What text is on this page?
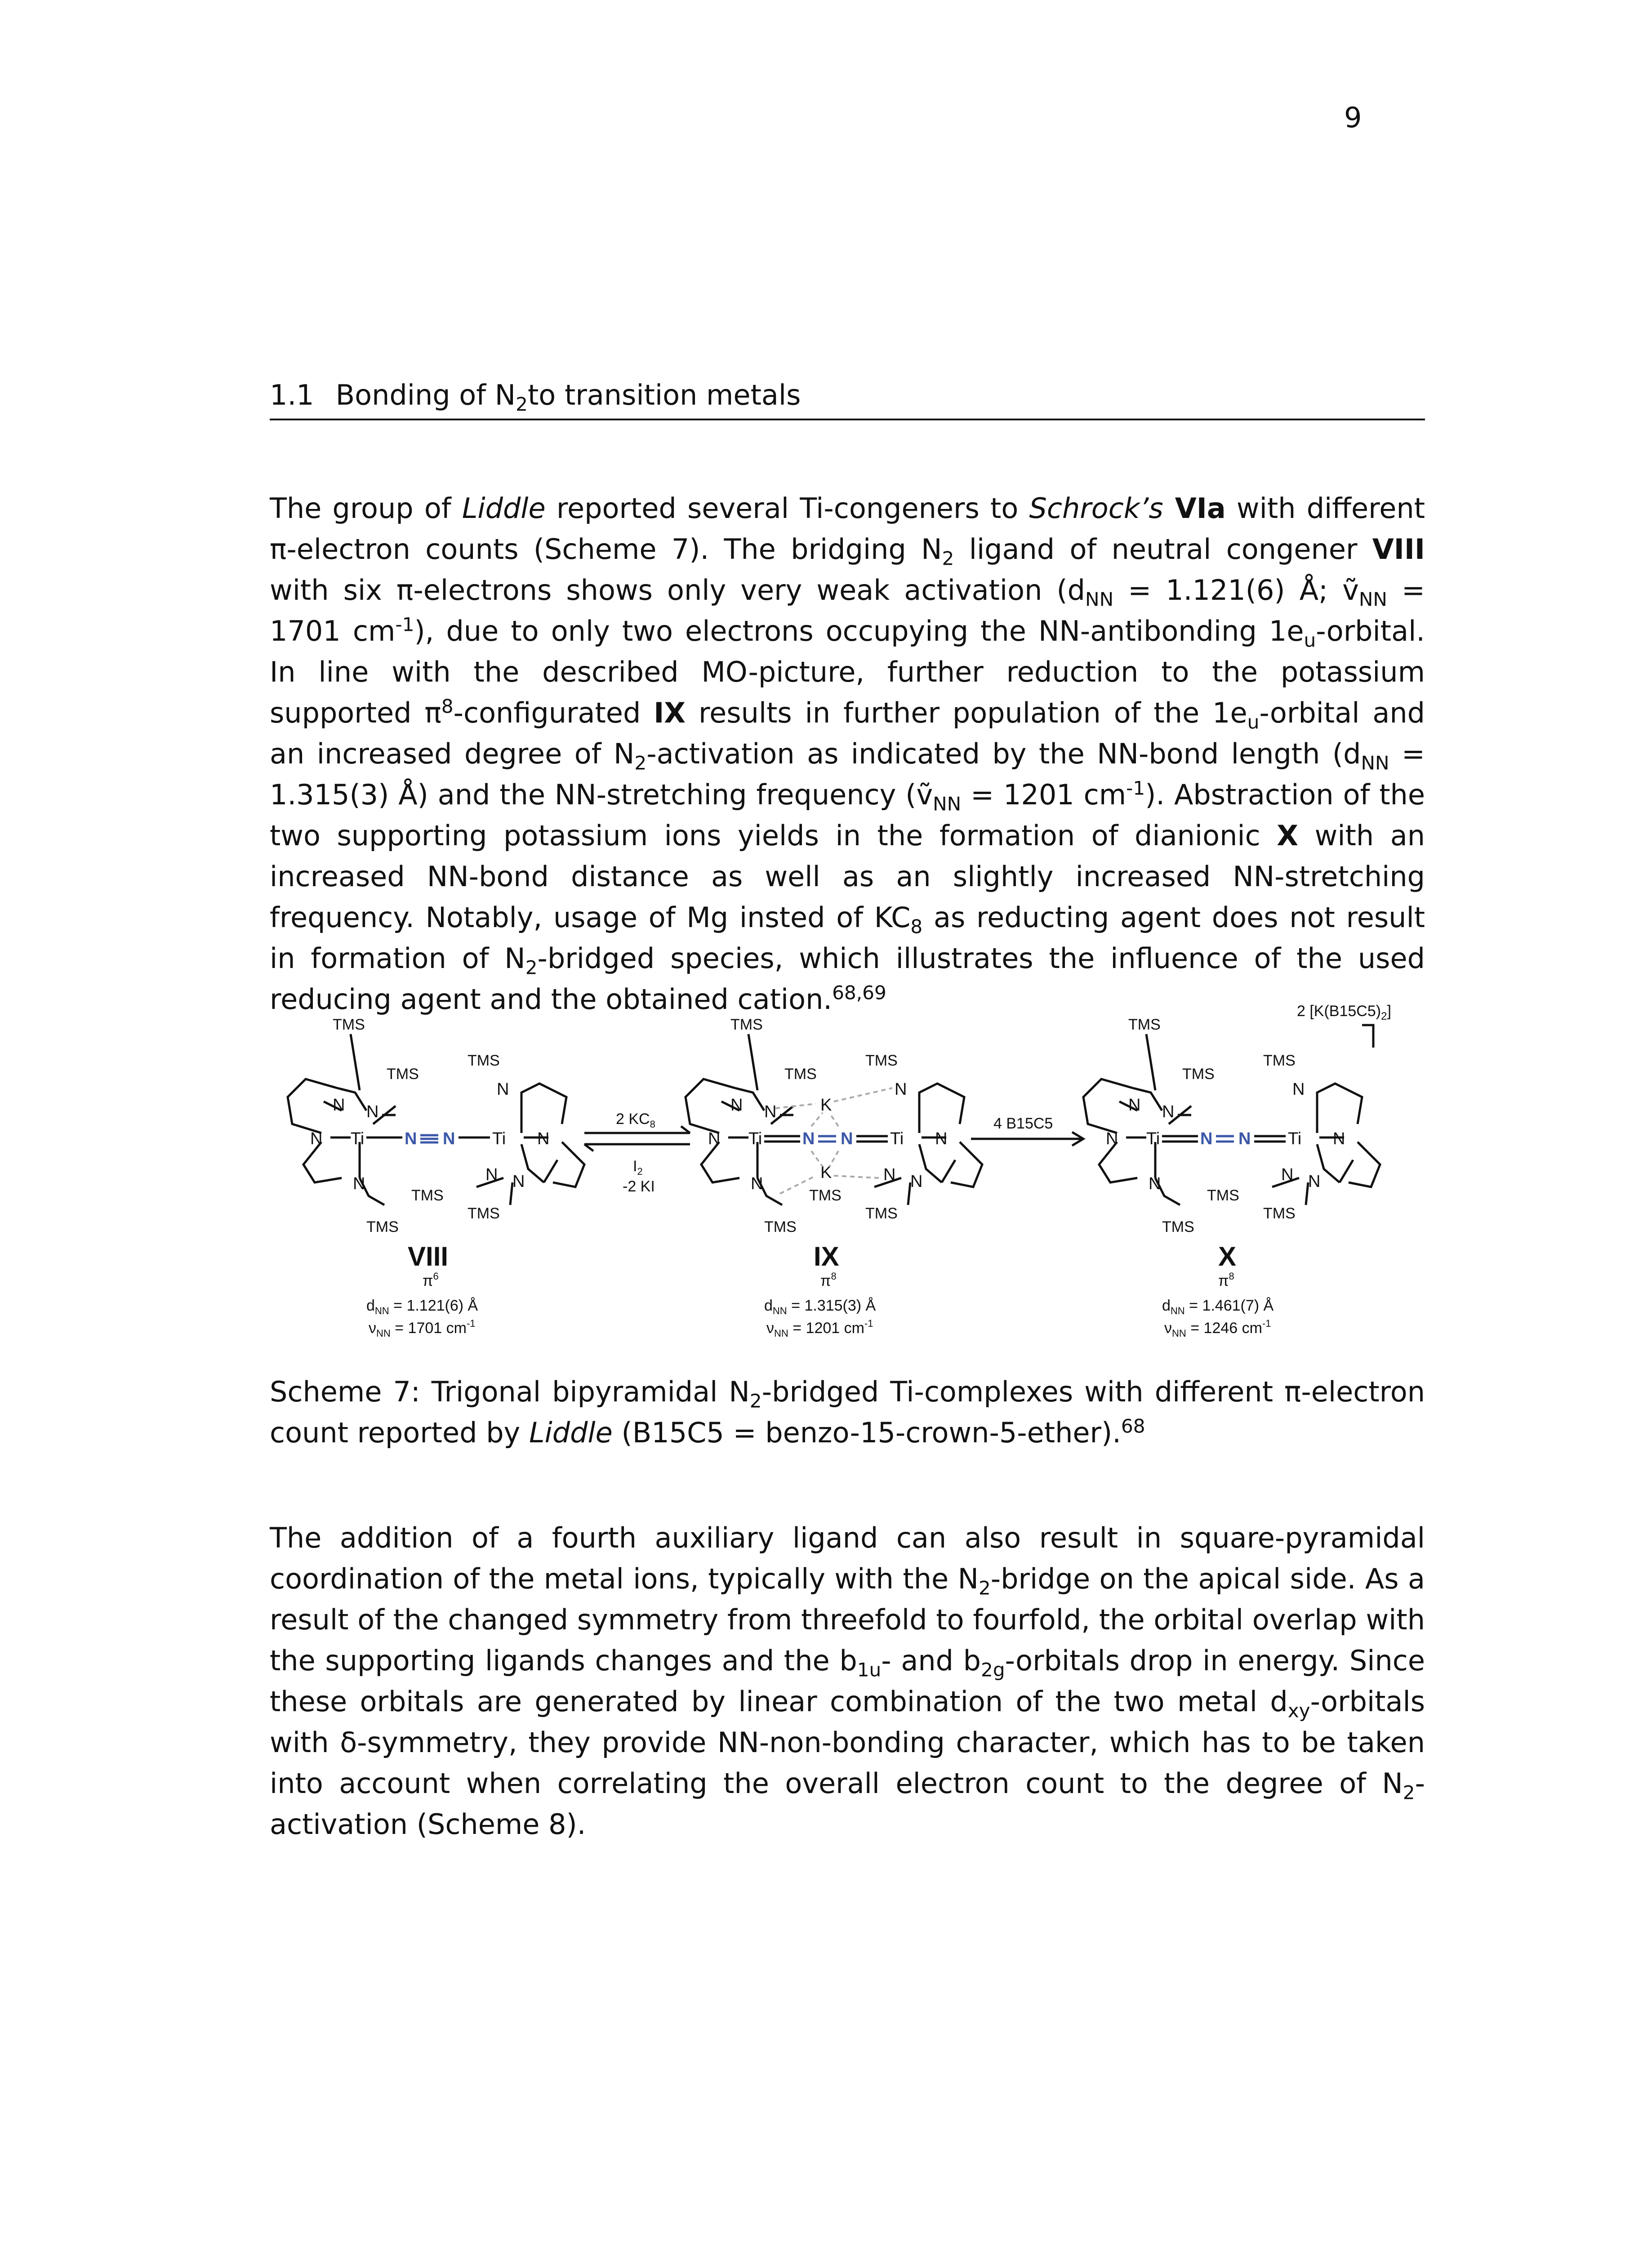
9
1.1 Bonding of $N_2to$ transition metals
The group of Liddle reported several Ti-congeners to Schrock’s VIa with different π-electron counts (Scheme 7). The bridging $N_2$ ligand of neutral congener VIII with six π-electrons shows only very weak activation ($d_{NN} = 1.121(6)$ Å; ṽ$_{NN}$ = 1701 $cm^{-1}$), due to only two electrons occupying the NN-antibonding $1e_u$-orbital. In line with the described MO-picture, further reduction to the potassium supported $\pi^8$-configurated IX results in further population of the $1e_u$-orbital and an increased degree of $N_2$-activation as indicated by the NN-bond length ($d_{NN} = 1.315(3)$ Å) and the NN-stretching frequency (ṽ$_{NN}$ = 1201 $cm^{-1}$). Abstraction of the two supporting potassium ions yields in the formation of dianionic X with an increased NN-bond distance as well as an slightly increased NN-stretching frequency. Notably, usage of Mg insted of $KC_8$ as reducting agent does not result in formation of $N_2$-bridged species, which illustrates the influence of the used reducing agent and the obtained cation.$^{68,69}$
2 $[K(B15C5)_2]$
N Ti
N N
N
N N Ti N
N
N N
TMS
TMS
TMS
TMS
TMS
TMS
VIII
$\pi^6$
$d_{NN} = 1.121(6)$ Å
$\nu_{NN} = 1701$ $cm^{-1}$
2 $KC_8$
$I_2$
-2 KI
N Ti
N N
N
N N Ti N
N
N N
K
K
TMS
TMS
TMS
TMS
TMS
TMS
IX
$\pi^8$
$d_{NN} = 1.315(3)$ Å
$\nu_{NN} = 1201$ $cm^{-1}$
4 B15C5
N Ti
N N
N
N N Ti N
N
N N
TMS
TMS
TMS
TMS
TMS
TMS
X
$\pi^8$
$d_{NN} = 1.461(7)$ Å
$\nu_{NN} = 1246$ $cm^{-1}$
Scheme 7: Trigonal bipyramidal $N_2$-bridged Ti-complexes with different π-electron count reported by Liddle (B15C5 = benzo-15-crown-5-ether).$^{68}$
The addition of a fourth auxiliary ligand can also result in square-pyramidal coordination of the metal ions, typically with the $N_2$-bridge on the apical side. As a result of the changed symmetry from threefold to fourfold, the orbital overlap with the supporting ligands changes and the $b_{1u}-$ and $b_{2g}$-orbitals drop in energy. Since these orbitals are generated by linear combination of the two metal $d_{xy}$-orbitals with δ-symmetry, they provide NN-non-bonding character, which has to be taken into account when correlating the overall electron count to the degree of $N_2$-activation (Scheme 8).
